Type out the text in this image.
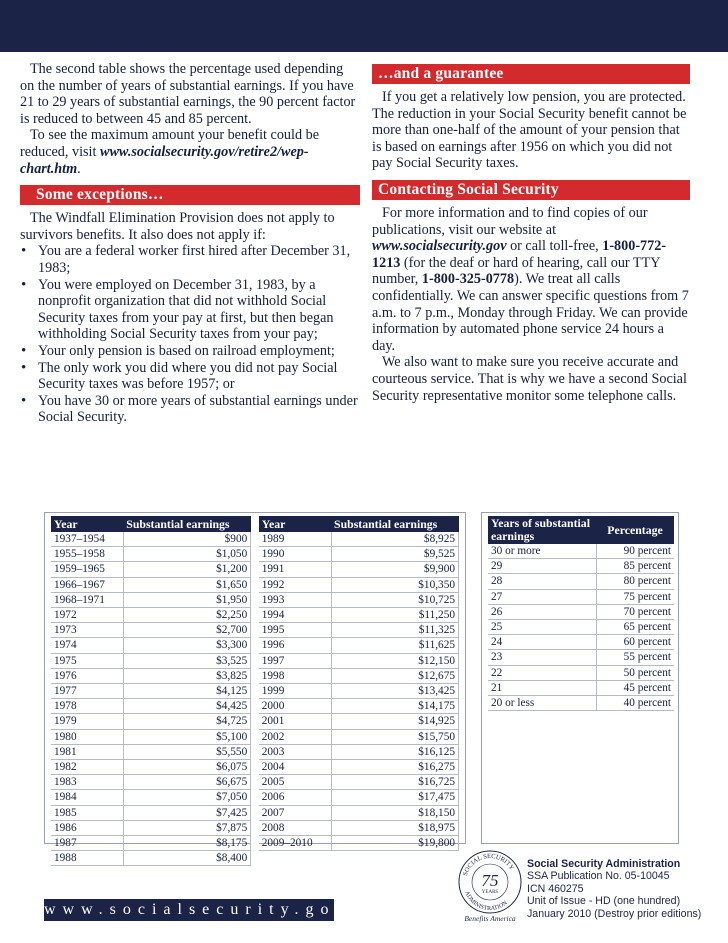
The second table shows the percentage used depending on the number of years of substantial earnings. If you have 21 to 29 years of substantial earnings, the 90 percent factor is reduced to between 45 and 85 percent.

To see the maximum amount your benefit could be reduced, visit www.socialsecurity.gov/retire2/wep-chart.htm.

Some exceptions…

The Windfall Elimination Provision does not apply to survivors benefits. It also does not apply if:

• You are a federal worker first hired after December 31, 1983;
• You were employed on December 31, 1983, by a nonprofit organization that did not withhold Social Security taxes from your pay at first, but then began withholding Social Security taxes from your pay;
• Your only pension is based on railroad employment;
• The only work you did where you did not pay Social Security taxes was before 1957; or
• You have 30 or more years of substantial earnings under Social Security.
…and a guarantee

If you get a relatively low pension, you are protected. The reduction in your Social Security benefit cannot be more than one-half of the amount of your pension that is based on earnings after 1956 on which you did not pay Social Security taxes.

Contacting Social Security

For more information and to find copies of our publications, visit our website at www.socialsecurity.gov or call toll-free, 1-800-772-1213 (for the deaf or hard of hearing, call our TTY number, 1-800-325-0778). We treat all calls confidentially. We can answer specific questions from 7 a.m. to 7 p.m., Monday through Friday. We can provide information by automated phone service 24 hours a day.

We also want to make sure you receive accurate and courteous service. That is why we have a second Social Security representative monitor some telephone calls.

Year	Substantial earnings		Year	Substantial earnings
1937–1954	$900		1989	$8,925
1955–1958	$1,050		1990	$9,525
1959–1965	$1,200		1991	$9,900
1966–1967	$1,650		1992	$10,350
1968–1971	$1,950		1993	$10,725
1972	$2,250		1994	$11,250
1973	$2,700		1995	$11,325
1974	$3,300		1996	$11,625
1975	$3,525		1997	$12,150
1976	$3,825		1998	$12,675
1977	$4,125		1999	$13,425
1978	$4,425		2000	$14,175
1979	$4,725		2001	$14,925
1980	$5,100		2002	$15,750
1981	$5,550		2003	$16,125
1982	$6,075		2004	$16,275
1983	$6,675		2005	$16,725
1984	$7,050		2006	$17,475
1985	$7,425		2007	$18,150
1986	$7,875		2008	$18,975
1987	$8,175		2009–2010	$19,800
1988	$8,400			
Years of substantial earnings	Percentage
30 or more	90 percent
29	85 percent
28	80 percent
27	75 percent
26	70 percent
25	65 percent
24	60 percent
23	55 percent
22	50 percent
21	45 percent
20 or less	40 percent
www.socialsecurity.gov
SOCIAL SECURITY
ADMINISTRATION
75
YEARS
Benefits America
Social Security Administration
SSA Publication No. 05-10045
ICN 460275
Unit of Issue - HD (one hundred)
January 2010 (Destroy prior editions)
